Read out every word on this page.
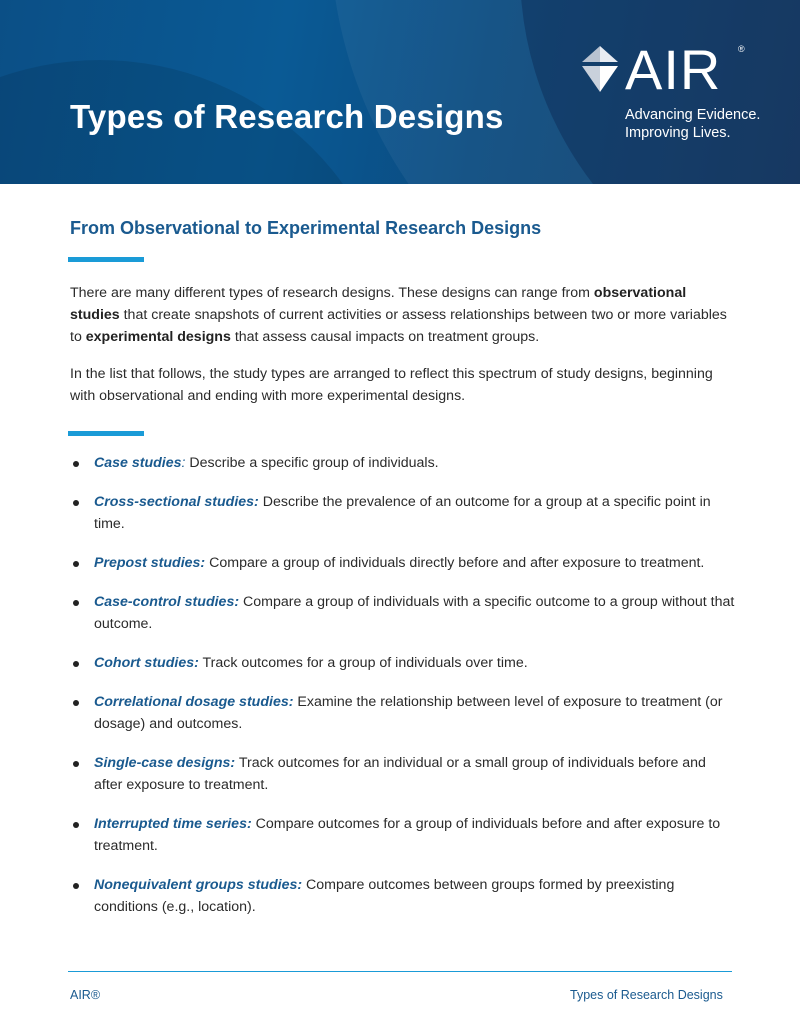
Types of Research Designs
AIR ®
Advancing Evidence.
Improving Lives.
From Observational to Experimental Research Designs

There are many different types of research designs. These designs can range from observational studies that create snapshots of current activities or assess relationships between two or more variables to experimental designs that assess causal impacts on treatment groups.

In the list that follows, the study types are arranged to reflect this spectrum of study designs, beginning with observational and ending with more experimental designs.

Case studies: Describe a specific group of individuals.
Cross-sectional studies: Describe the prevalence of an outcome for a group at a specific point in time.
Prepost studies: Compare a group of individuals directly before and after exposure to treatment.
Case-control studies: Compare a group of individuals with a specific outcome to a group without that outcome.
Cohort studies: Track outcomes for a group of individuals over time.
Correlational dosage studies: Examine the relationship between level of exposure to treatment (or dosage) and outcomes.
Single-case designs: Track outcomes for an individual or a small group of individuals before and after exposure to treatment.
Interrupted time series: Compare outcomes for a group of individuals before and after exposure to treatment.
Nonequivalent groups studies: Compare outcomes between groups formed by preexisting conditions (e.g., location).
AIR®	Types of Research Designs
